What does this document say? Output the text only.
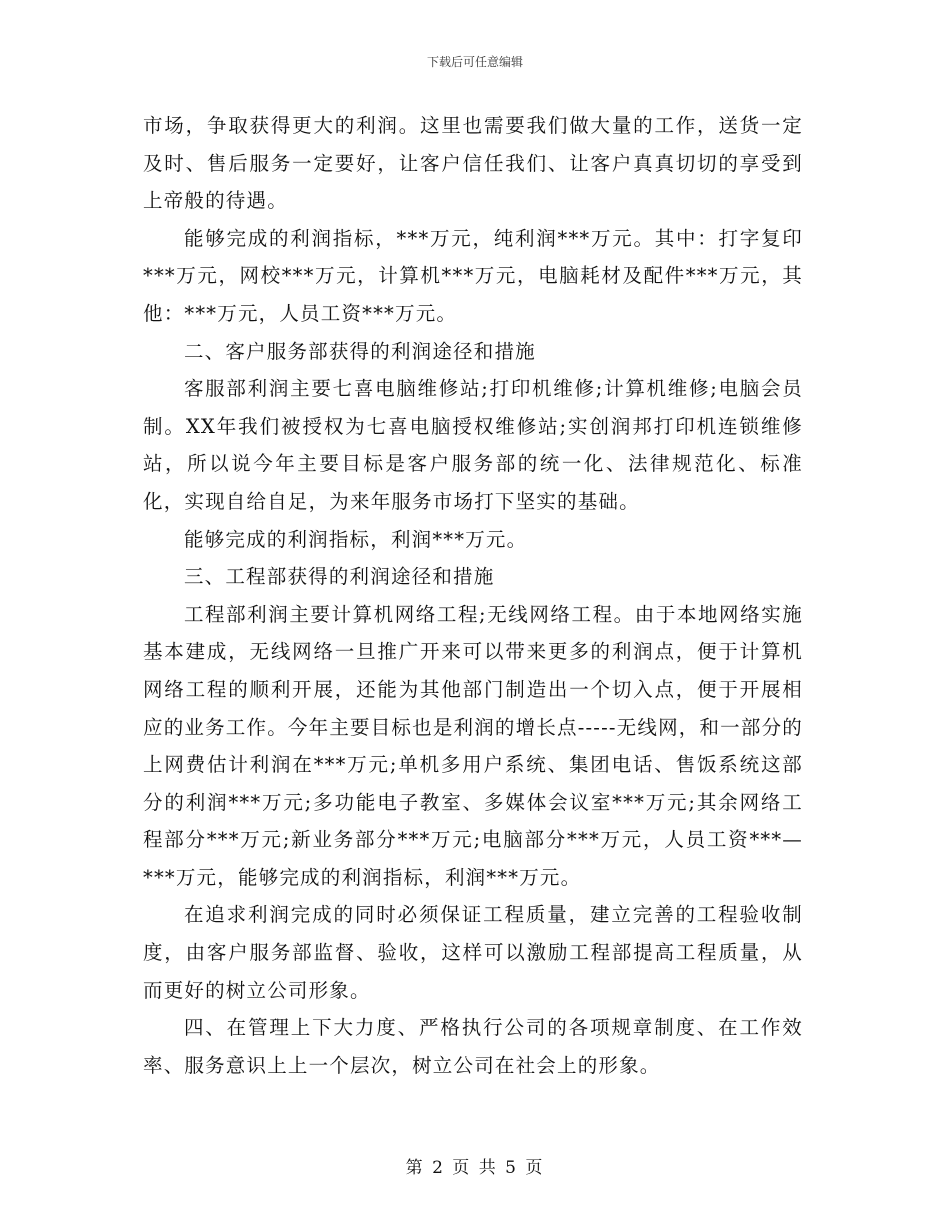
下载后可任意编辑

市场，争取获得更大的利润。这里也需要我们做大量的工作，送货一定及时、售后服务一定要好，让客户信任我们、让客户真真切切的享受到上帝般的待遇。

能够完成的利润指标，***万元，纯利润***万元。其中：打字复印***万元，网校***万元，计算机***万元，电脑耗材及配件***万元，其他：***万元，人员工资***万元。

二、客户服务部获得的利润途径和措施

客服部利润主要七喜电脑维修站;打印机维修;计算机维修;电脑会员制。XX年我们被授权为七喜电脑授权维修站;实创润邦打印机连锁维修站，所以说今年主要目标是客户服务部的统一化、法律规范化、标准化，实现自给自足，为来年服务市场打下坚实的基础。

能够完成的利润指标，利润***万元。

三、工程部获得的利润途径和措施

工程部利润主要计算机网络工程;无线网络工程。由于本地网络实施基本建成，无线网络一旦推广开来可以带来更多的利润点，便于计算机网络工程的顺利开展，还能为其他部门制造出一个切入点，便于开展相应的业务工作。今年主要目标也是利润的增长点-----无线网，和一部分的上网费估计利润在***万元;单机多用户系统、集团电话、售饭系统这部分的利润***万元;多功能电子教室、多媒体会议室***万元;其余网络工程部分***万元;新业务部分***万元;电脑部分***万元，人员工资***—***万元，能够完成的利润指标，利润***万元。

在追求利润完成的同时必须保证工程质量，建立完善的工程验收制度，由客户服务部监督、验收，这样可以激励工程部提高工程质量，从而更好的树立公司形象。

四、在管理上下大力度、严格执行公司的各项规章制度、在工作效率、服务意识上上一个层次，树立公司在社会上的形象。

第 2 页 共 5 页
